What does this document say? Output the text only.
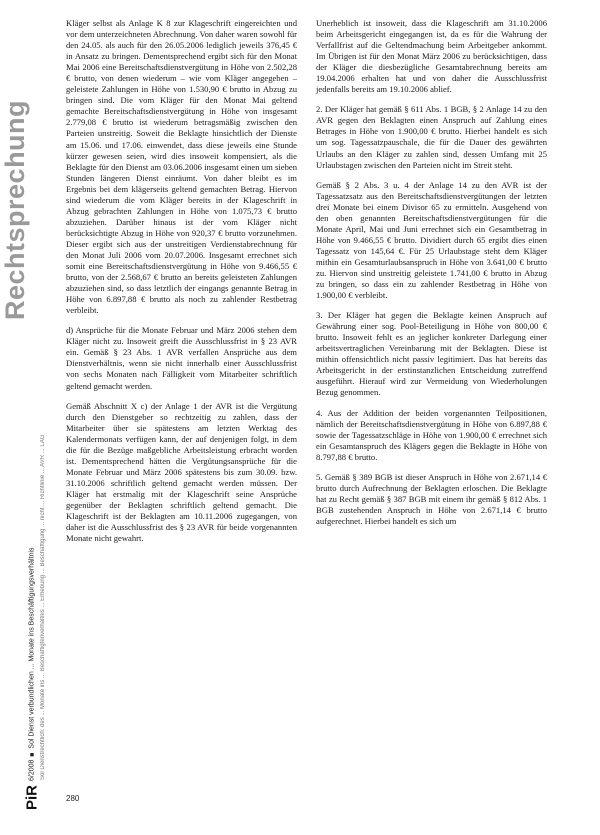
Rechtsprechung
Sol Dienstrechtlich: des ... Monate ins ... Beschäftigtenverhältnis ... Erhebung ... Beschäftigung ... nicht ... Richtlinie ... AVR ... LAG
PiR
6/2008 ■ Sol Dienst verbundlichen ... Monate ins Beschäftigungsverhältnis

Kläger selbst als Anlage K 8 zur Klageschrift eingereichten und vor dem unterzeichneten Abrechnung. Von daher waren sowohl für den 24.05. als auch für den 26.05.2006 lediglich jeweils 376,45 € in Ansatz zu bringen. Dementsprechend ergibt sich für den Monat Mai 2006 eine Bereitschaftsdienstvergütung in Höhe von 2.502,28 € brutto, von denen wiederum – wie vom Kläger angegeben – geleistete Zahlungen in Höhe von 1.530,90 € brutto in Abzug zu bringen sind. Die vom Kläger für den Monat Mai geltend gemachte Bereitschaftsdienstvergütung in Höhe von insgesamt 2.779,08 € brutto ist wiederum betragsmäßig zwischen den Parteien unstreitig. Soweit die Beklagte hinsichtlich der Dienste am 15.06. und 17.06. einwendet, dass diese jeweils eine Stunde kürzer gewesen seien, wird dies insoweit kompensiert, als die Beklagte für den Dienst am 03.06.2006 insgesamt einen um sieben Stunden längeren Dienst einräumt. Von daher bleibt es im Ergebnis bei dem klägerseits geltend gemachten Betrag. Hiervon sind wiederum die vom Kläger bereits in der Klageschrift in Abzug gebrachten Zahlungen in Höhe von 1.075,73 € brutto abzuziehen. Darüber hinaus ist der vom Kläger nicht berücksichtigte Abzug in Höhe von 920,37 € brutto vorzunehmen. Dieser ergibt sich aus der unstreitigen Verdienstabrechnung für den Monat Juli 2006 vom 20.07.2006. Insgesamt errechnet sich somit eine Bereitschaftsdienstvergütung in Höhe von 9.466,55 € brutto, von der 2.568,67 € brutto an bereits geleisteten Zahlungen abzuziehen sind, so dass letztlich der eingangs genannte Betrag in Höhe von 6.897,88 € brutto als noch zu zahlender Restbetrag verbleibt.

d) Ansprüche für die Monate Februar und März 2006 stehen dem Kläger nicht zu. Insoweit greift die Ausschlussfrist in § 23 AVR ein. Gemäß § 23 Abs. 1 AVR verfallen Ansprüche aus dem Dienstverhältnis, wenn sie nicht innerhalb einer Ausschlussfrist von sechs Monaten nach Fälligkeit vom Mitarbeiter schriftlich geltend gemacht werden.

Gemäß Abschnitt X c) der Anlage 1 der AVR ist die Vergütung durch den Dienstgeber so rechtzeitig zu zahlen, dass der Mitarbeiter über sie spätestens am letzten Werktag des Kalendermonats verfügen kann, der auf denjenigen folgt, in dem die für die Bezüge maßgebliche Arbeitsleistung erbracht worden ist. Dementsprechend hätten die Vergütungsansprüche für die Monate Februar und März 2006 spätestens bis zum 30.09. bzw. 31.10.2006 schriftlich geltend gemacht werden müssen. Der Kläger hat erstmalig mit der Klageschrift seine Ansprüche gegenüber der Beklagten schriftlich geltend gemacht. Die Klageschrift ist der Beklagten am 10.11.2006 zugegangen, von daher ist die Ausschlussfrist des § 23 AVR für beide vorgenannten Monate nicht gewahrt.

Unerheblich ist insoweit, dass die Klageschrift am 31.10.2006 beim Arbeitsgericht eingegangen ist, da es für die Wahrung der Verfallfrist auf die Geltendmachung beim Arbeitgeber ankommt. Im Übrigen ist für den Monat März 2006 zu berücksichtigen, dass der Kläger die diesbezügliche Gesamtabrechnung bereits am 19.04.2006 erhalten hat und von daher die Ausschlussfrist jedenfalls bereits am 19.10.2006 ablief.

2. Der Kläger hat gemäß § 611 Abs. 1 BGB, § 2 Anlage 14 zu den AVR gegen den Beklagten einen Anspruch auf Zahlung eines Betrages in Höhe von 1.900,00 € brutto. Hierbei handelt es sich um sog. Tagessatzpauschale, die für die Dauer des gewährten Urlaubs an den Kläger zu zahlen sind, dessen Umfang mit 25 Urlaubstagen zwischen den Parteien nicht im Streit steht.

Gemäß § 2 Abs. 3 u. 4 der Anlage 14 zu den AVR ist der Tagessatzsatz aus den Bereitschaftsdienstvergütungen der letzten drei Monate bei einem Divisor 65 zu ermitteln. Ausgehend von den oben genannten Bereitschaftsdienstvergütungen für die Monate April, Mai und Juni errechnet sich ein Gesamtbetrag in Höhe von 9.466,55 € brutto. Dividiert durch 65 ergibt dies einen Tagessatz von 145,64 €. Für 25 Urlaubstage steht dem Kläger mithin ein Gesamturlaubsanspruch in Höhe von 3.641,00 € brutto zu. Hiervon sind unstreitig geleistete 1.741,00 € brutto in Abzug zu bringen, so dass ein zu zahlender Restbetrag in Höhe von 1.900,00 € verbleibt.

3. Der Kläger hat gegen die Beklagte keinen Anspruch auf Gewährung einer sog. Pool-Beteiligung in Höhe von 800,00 € brutto. Insoweit fehlt es an jeglicher konkreter Darlegung einer arbeitsvertraglichen Vereinbarung mit der Beklagten. Diese ist mithin offensichtlich nicht passiv legitimiert. Das hat bereits das Arbeitsgericht in der erstinstanzlichen Entscheidung zutreffend ausgeführt. Hierauf wird zur Vermeidung von Wiederholungen Bezug genommen.

4. Aus der Addition der beiden vorgenannten Teilpositionen, nämlich der Bereitschaftsdienstvergütung in Höhe von 6.897,88 € sowie der Tagessatzschläge in Höhe von 1.900,00 € errechnet sich ein Gesamtanspruch des Klägers gegen die Beklagte in Höhe von 8.797,88 € brutto.

5. Gemäß § 389 BGB ist dieser Anspruch in Höhe von 2.671,14 € brutto durch Aufrechnung der Beklagten erloschen. Die Beklagte hat zu Recht gemäß § 387 BGB mit einem ihr gemäß § 812 Abs. 1 BGB zustehenden Anspruch in Höhe von 2.671,14 € brutto aufgerechnet. Hierbei handelt es sich um

280
